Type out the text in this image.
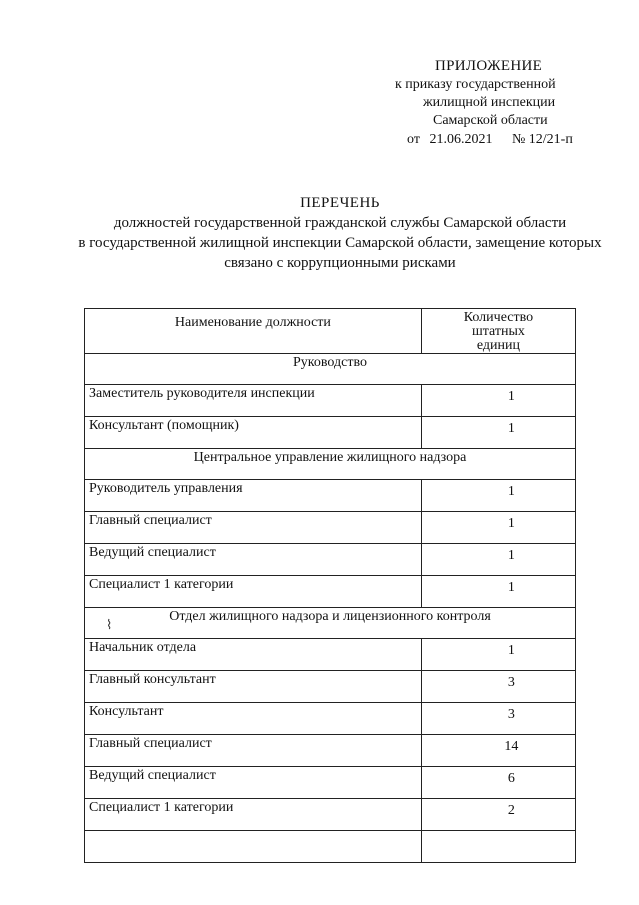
ПРИЛОЖЕНИЕ
к приказу государственной
жилищной инспекции
Самарской области
от 21.06.2021 № 12/21-п
ПЕРЕЧЕНЬ
должностей государственной гражданской службы Самарской области
в государственной жилищной инспекции Самарской области, замещение которых
связано с коррупционными рисками
Наименование должности	Количество
штатных
единиц

Руководство	
Заместитель руководителя инспекции	1
Консультант (помощник)	1
Центральное управление жилищного надзора	
Руководитель управления	1
Главный специалист	1
Ведущий специалист	1
Специалист 1 категории	1
Отдел жилищного надзора и лицензионного контроля	
Начальник отдела	1
Главный консультант	3
Консультант	3
Главный специалист	14
Ведущий специалист	6
Специалист 1 категории	2

⌇
